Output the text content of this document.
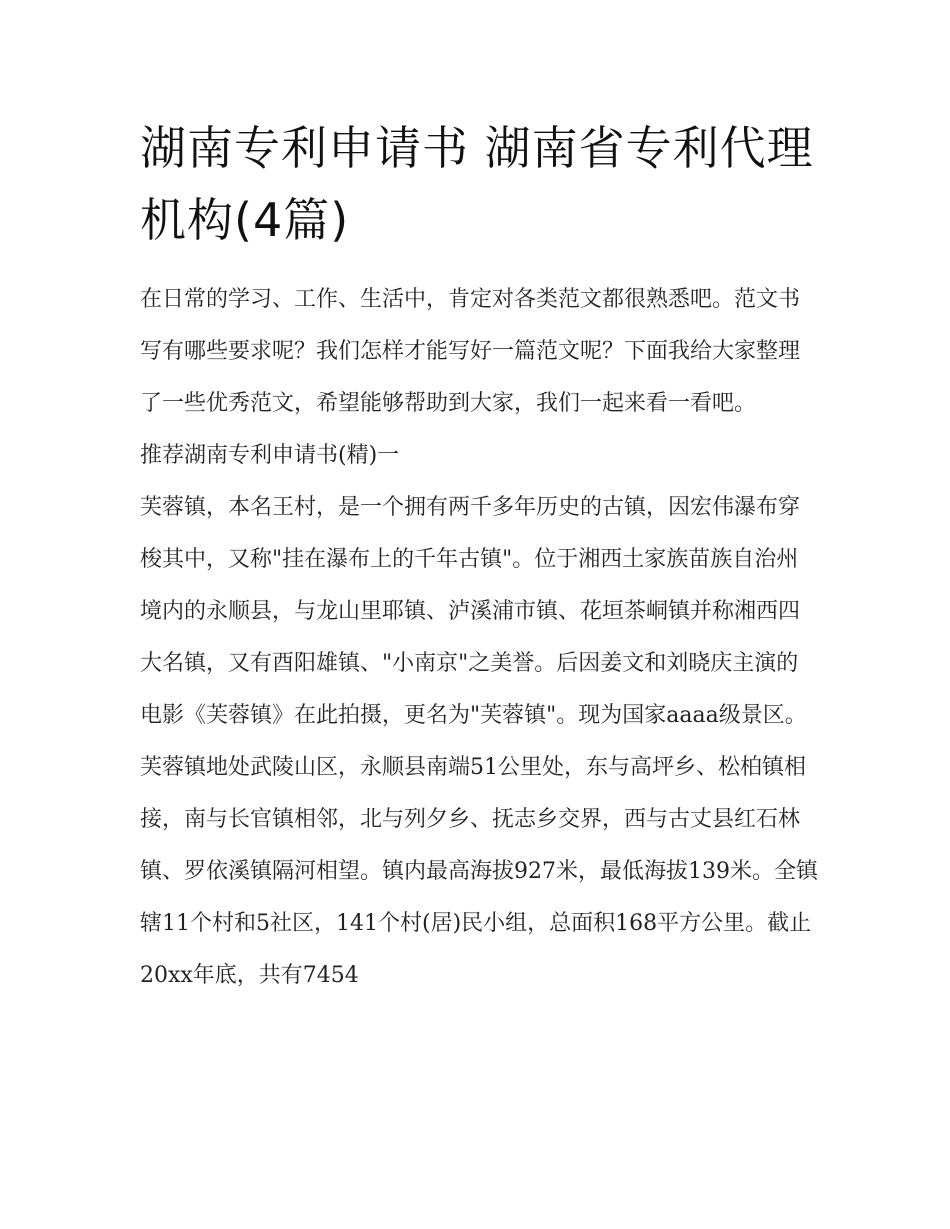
湖南专利申请书 湖南省专利代理机构(4篇)

在日常的学习、工作、生活中，肯定对各类范文都很熟悉吧。范文书写有哪些要求呢？我们怎样才能写好一篇范文呢？下面我给大家整理了一些优秀范文，希望能够帮助到大家，我们一起来看一看吧。

推荐湖南专利申请书(精)一

芙蓉镇，本名王村，是一个拥有两千多年历史的古镇，因宏伟瀑布穿梭其中，又称"挂在瀑布上的千年古镇"。位于湘西土家族苗族自治州境内的永顺县，与龙山里耶镇、泸溪浦市镇、花垣茶峒镇并称湘西四大名镇，又有酉阳雄镇、"小南京"之美誉。后因姜文和刘晓庆主演的电影《芙蓉镇》在此拍摄，更名为"芙蓉镇"。现为国家aaaa级景区。

芙蓉镇地处武陵山区，永顺县南端51公里处，东与高坪乡、松柏镇相接，南与长官镇相邻，北与列夕乡、抚志乡交界，西与古丈县红石林镇、罗依溪镇隔河相望。镇内最高海拔927米，最低海拔139米。全镇辖11个村和5社区，141个村(居)民小组，总面积168平方公里。截止20xx年底，共有7454
